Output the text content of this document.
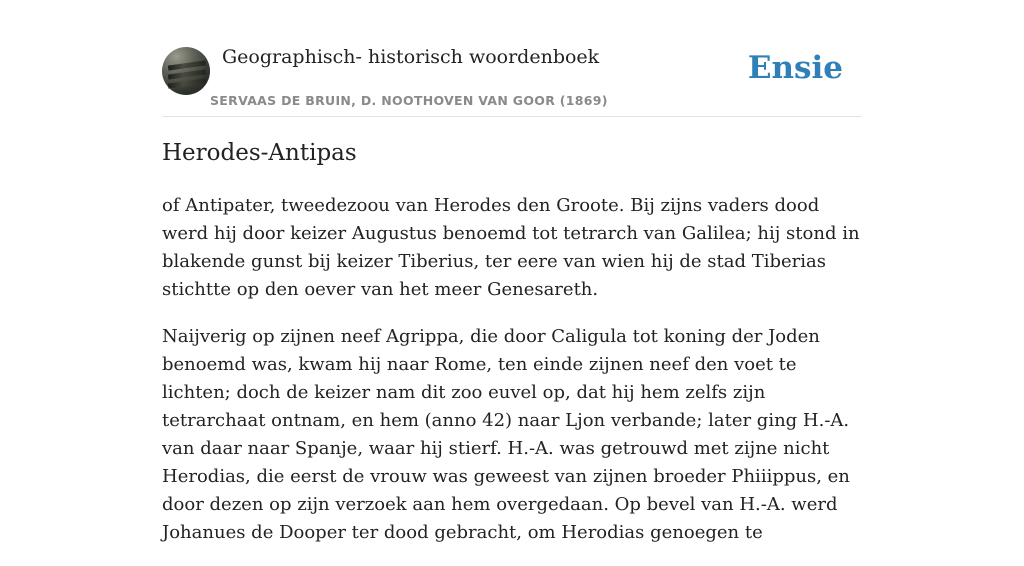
Geographisch- historisch woordenboek
SERVAAS DE BRUIN, D. NOOTHOVEN VAN GOOR (1869)
Ensie
Herodes-Antipas

of Antipater, tweedezoou van Herodes den Groote. Bij zijns vaders dood werd hij door keizer Augustus benoemd tot tetrarch van Galilea; hij stond in blakende gunst bij keizer Tiberius, ter eere van wien hij de stad Tiberias stichtte op den oever van het meer Genesareth.

Naijverig op zijnen neef Agrippa, die door Caligula tot koning der Joden benoemd was, kwam hij naar Rome, ten einde zijnen neef den voet te lichten; doch de keizer nam dit zoo euvel op, dat hij hem zelfs zijn tetrarchaat ontnam, en hem (anno 42) naar Ljon verbande; later ging H.-A. van daar naar Spanje, waar hij stierf. H.-A. was getrouwd met zijne nicht Herodias, die eerst de vrouw was geweest van zijnen broeder Phiiippus, en door dezen op zijn verzoek aan hem overgedaan. Op bevel van H.-A. werd Johanues de Dooper ter dood gebracht, om Herodias genoegen te
